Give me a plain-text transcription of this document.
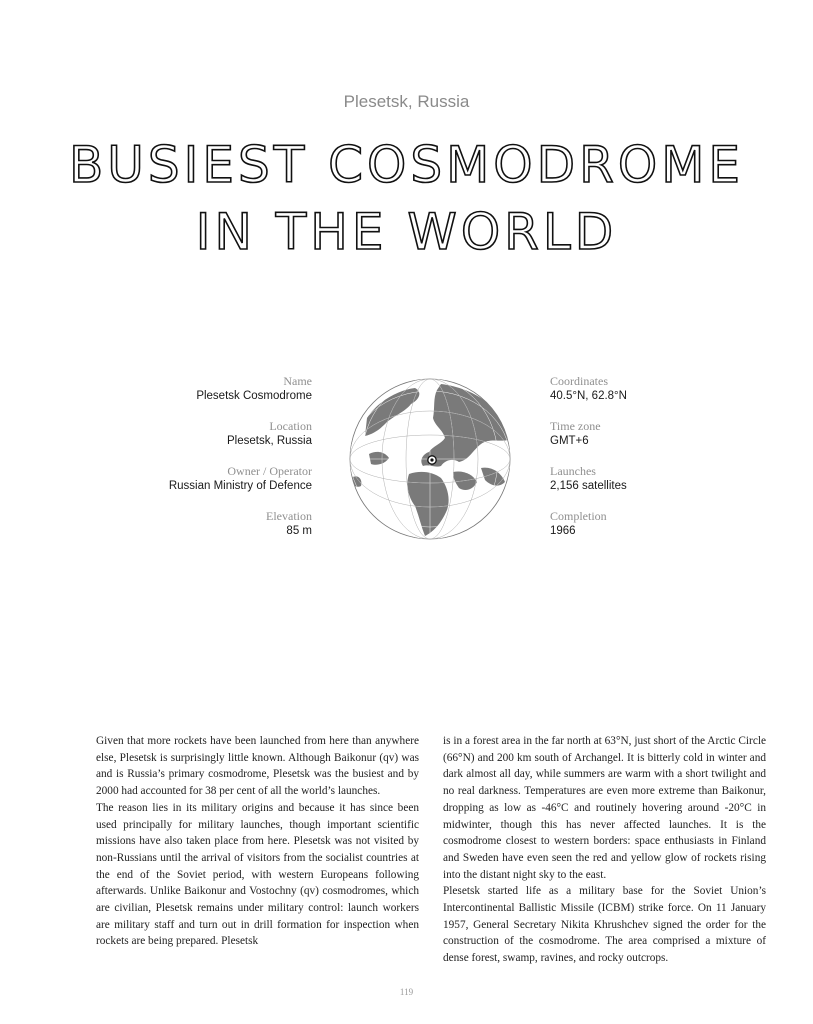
Plesetsk, Russia
BUSIEST COSMODROME
IN THE WORLD
Name
Plesetsk Cosmodrome
Location
Plesetsk, Russia
Owner / Operator
Russian Ministry of Defence
Elevation
85 m
Coordinates
40.5°N, 62.8°N
Time zone
GMT+6
Launches
2,156 satellites
Completion
1966

Given that more rockets have been launched from here than anywhere else, Plesetsk is surprisingly little known. Although Baikonur (qv) was and is Russia’s primary cosmodrome, Plesetsk was the busiest and by 2000 had accounted for 38 per cent of all the world’s launches.

The reason lies in its military origins and because it has since been used principally for military launches, though important scientific missions have also taken place from here. Plesetsk was not visited by non-Russians until the arrival of visitors from the socialist countries at the end of the Soviet period, with western Europeans following afterwards. Unlike Baikonur and Vostochny (qv) cosmodromes, which are civilian, Plesetsk remains under military control: launch workers are military staff and turn out in drill formation for inspection when rockets are being prepared. Plesetsk

is in a forest area in the far north at 63°N, just short of the Arctic Circle (66°N) and 200 km south of Archangel. It is bitterly cold in winter and dark almost all day, while summers are warm with a short twilight and no real darkness. Temperatures are even more extreme than Baikonur, dropping as low as -46°C and routinely hovering around -20°C in midwinter, though this has never affected launches. It is the cosmodrome closest to western borders: space enthusiasts in Finland and Sweden have even seen the red and yellow glow of rockets rising into the distant night sky to the east.

Plesetsk started life as a military base for the Soviet Union’s Intercontinental Ballistic Missile (ICBM) strike force. On 11 January 1957, General Secretary Nikita Khrushchev signed the order for the construction of the cosmodrome. The area comprised a mixture of dense forest, swamp, ravines, and rocky outcrops.

119
